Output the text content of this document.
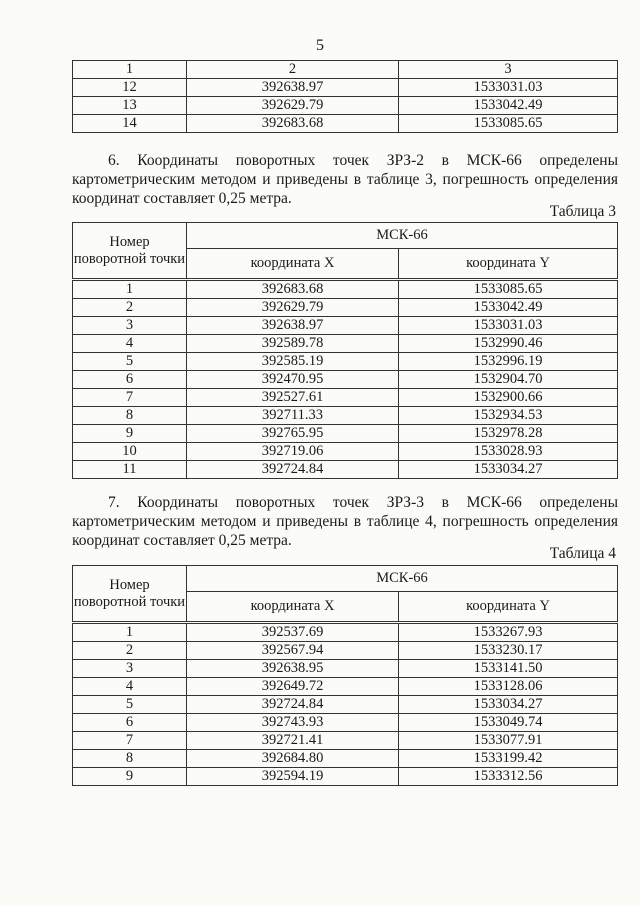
5
1	2	3
12	392638.97	1533031.03
13	392629.79	1533042.49
14	392683.68	1533085.65
6. Координаты поворотных точек ЗРЗ-2 в МСК-66 определены картометрическим методом и приведены в таблице 3, погрешность определения координат составляет 0,25 метра.
Таблица 3
Номер поворотной точки	МСК-66	
	координата X	координата Y
1	392683.68	1533085.65
2	392629.79	1533042.49
3	392638.97	1533031.03
4	392589.78	1532990.46
5	392585.19	1532996.19
6	392470.95	1532904.70
7	392527.61	1532900.66
8	392711.33	1532934.53
9	392765.95	1532978.28
10	392719.06	1533028.93
11	392724.84	1533034.27
7. Координаты поворотных точек ЗРЗ-3 в МСК-66 определены картометрическим методом и приведены в таблице 4, погрешность определения координат составляет 0,25 метра.
Таблица 4
Номер поворотной точки	МСК-66	
	координата X	координата Y
1	392537.69	1533267.93
2	392567.94	1533230.17
3	392638.95	1533141.50
4	392649.72	1533128.06
5	392724.84	1533034.27
6	392743.93	1533049.74
7	392721.41	1533077.91
8	392684.80	1533199.42
9	392594.19	1533312.56
